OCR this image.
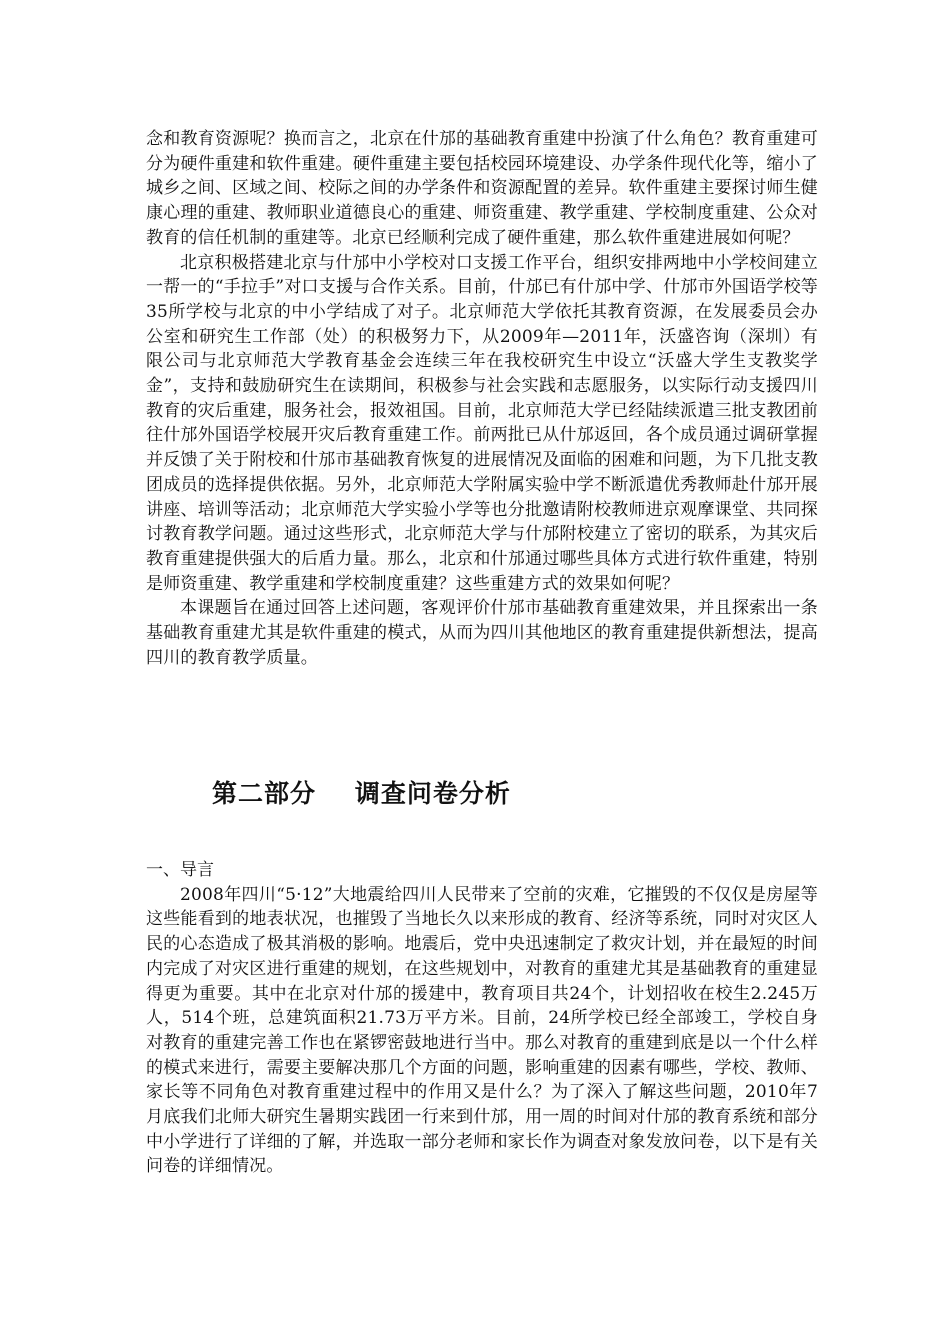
念和教育资源呢？换而言之，北京在什邡的基础教育重建中扮演了什么角色？教育重建可分为硬件重建和软件重建。硬件重建主要包括校园环境建设、办学条件现代化等，缩小了城乡之间、区域之间、校际之间的办学条件和资源配置的差异。软件重建主要探讨师生健康心理的重建、教师职业道德良心的重建、师资重建、教学重建、学校制度重建、公众对教育的信任机制的重建等。北京已经顺利完成了硬件重建，那么软件重建进展如何呢？

北京积极搭建北京与什邡中小学校对口支援工作平台，组织安排两地中小学校间建立一帮一的“手拉手”对口支援与合作关系。目前，什邡已有什邡中学、什邡市外国语学校等35所学校与北京的中小学结成了对子。北京师范大学依托其教育资源，在发展委员会办公室和研究生工作部（处）的积极努力下，从2009年—2011年，沃盛咨询（深圳）有限公司与北京师范大学教育基金会连续三年在我校研究生中设立“沃盛大学生支教奖学金”，支持和鼓励研究生在读期间，积极参与社会实践和志愿服务，以实际行动支援四川教育的灾后重建，服务社会，报效祖国。目前，北京师范大学已经陆续派遣三批支教团前往什邡外国语学校展开灾后教育重建工作。前两批已从什邡返回，各个成员通过调研掌握并反馈了关于附校和什邡市基础教育恢复的进展情况及面临的困难和问题，为下几批支教团成员的选择提供依据。另外，北京师范大学附属实验中学不断派遣优秀教师赴什邡开展讲座、培训等活动；北京师范大学实验小学等也分批邀请附校教师进京观摩课堂、共同探讨教育教学问题。通过这些形式，北京师范大学与什邡附校建立了密切的联系，为其灾后教育重建提供强大的后盾力量。那么，北京和什邡通过哪些具体方式进行软件重建，特别是师资重建、教学重建和学校制度重建？这些重建方式的效果如何呢？

本课题旨在通过回答上述问题，客观评价什邡市基础教育重建效果，并且探索出一条基础教育重建尤其是软件重建的模式，从而为四川其他地区的教育重建提供新想法，提高四川的教育教学质量。

第二部分    调查问卷分析

一、导言

2008年四川“5·12”大地震给四川人民带来了空前的灾难，它摧毁的不仅仅是房屋等这些能看到的地表状况，也摧毁了当地长久以来形成的教育、经济等系统，同时对灾区人民的心态造成了极其消极的影响。地震后，党中央迅速制定了救灾计划，并在最短的时间内完成了对灾区进行重建的规划，在这些规划中，对教育的重建尤其是基础教育的重建显得更为重要。其中在北京对什邡的援建中，教育项目共24个，计划招收在校生2.245万人，514个班，总建筑面积21.73万平方米。目前，24所学校已经全部竣工，学校自身对教育的重建完善工作也在紧锣密鼓地进行当中。那么对教育的重建到底是以一个什么样的模式来进行，需要主要解决那几个方面的问题，影响重建的因素有哪些，学校、教师、家长等不同角色对教育重建过程中的作用又是什么？为了深入了解这些问题，2010年7月底我们北师大研究生暑期实践团一行来到什邡，用一周的时间对什邡的教育系统和部分中小学进行了详细的了解，并选取一部分老师和家长作为调查对象发放问卷，以下是有关问卷的详细情况。
